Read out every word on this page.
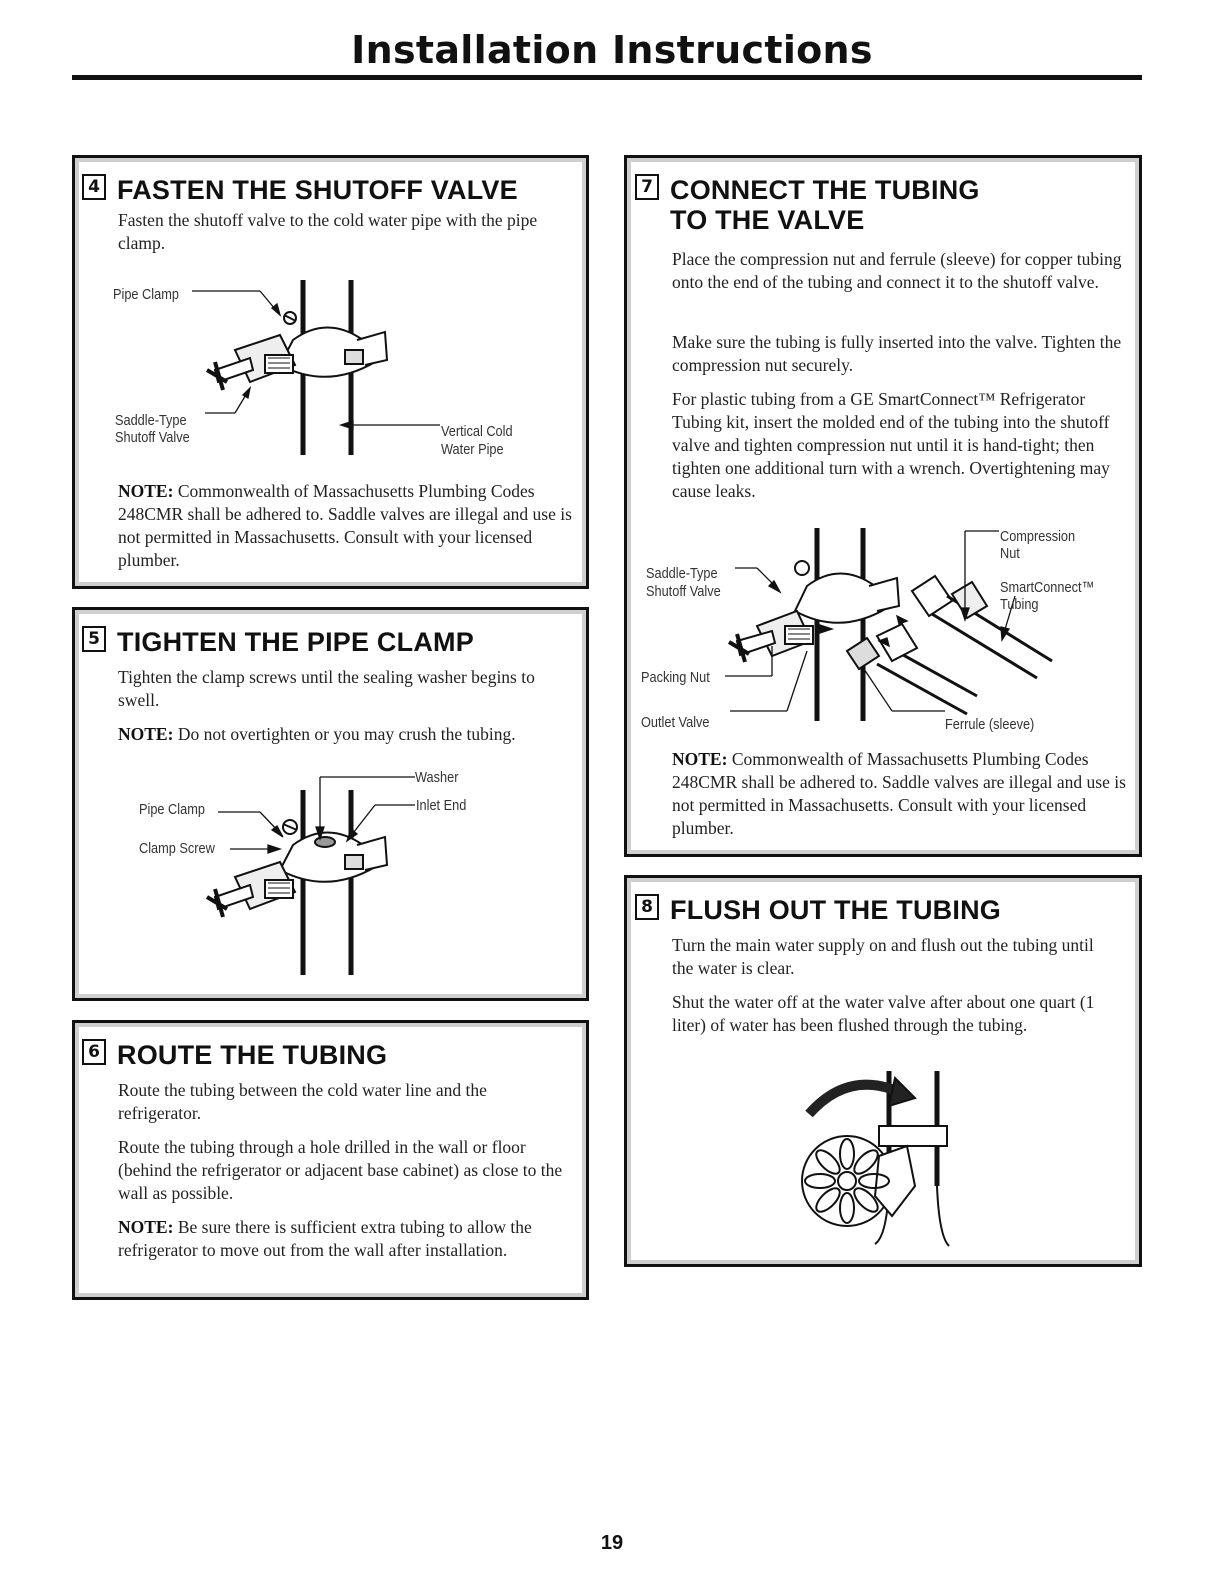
Installation Instructions
4 FASTEN THE SHUTOFF VALVE
Fasten the shutoff valve to the cold water pipe with the pipe clamp.
Pipe Clamp
Saddle-Type
Shutoff Valve	Vertical Cold
Water Pipe
NOTE: Commonwealth of Massachusetts Plumbing Codes 248CMR shall be adhered to. Saddle valves are illegal and use is not permitted in Massachusetts. Consult with your licensed plumber.
5 TIGHTEN THE PIPE CLAMP
Tighten the clamp screws until the sealing washer begins to swell.
NOTE: Do not overtighten or you may crush the tubing.
Washer
Inlet End
Pipe Clamp
Clamp Screw
6 ROUTE THE TUBING
Route the tubing between the cold water line and the refrigerator.
Route the tubing through a hole drilled in the wall or floor (behind the refrigerator or adjacent base cabinet) as close to the wall as possible.
NOTE: Be sure there is sufficient extra tubing to allow the refrigerator to move out from the wall after installation.
7 CONNECT THE TUBING
TO THE VALVE
Place the compression nut and ferrule (sleeve) for copper tubing onto the end of the tubing and connect it to the shutoff valve.
Make sure the tubing is fully inserted into the valve. Tighten the compression nut securely.
For plastic tubing from a GE SmartConnect™ Refrigerator Tubing kit, insert the molded end of the tubing into the shutoff valve and tighten compression nut until it is hand-tight; then tighten one additional turn with a wrench. Overtightening may cause leaks.
Compression
Nut
Saddle-Type
Shutoff Valve	SmartConnect™
Tubing
Packing Nut
Outlet Valve	Ferrule (sleeve)
NOTE: Commonwealth of Massachusetts Plumbing Codes 248CMR shall be adhered to. Saddle valves are illegal and use is not permitted in Massachusetts. Consult with your licensed plumber.
8 FLUSH OUT THE TUBING
Turn the main water supply on and flush out the tubing until the water is clear.
Shut the water off at the water valve after about one quart (1 liter) of water has been flushed through the tubing.
19
